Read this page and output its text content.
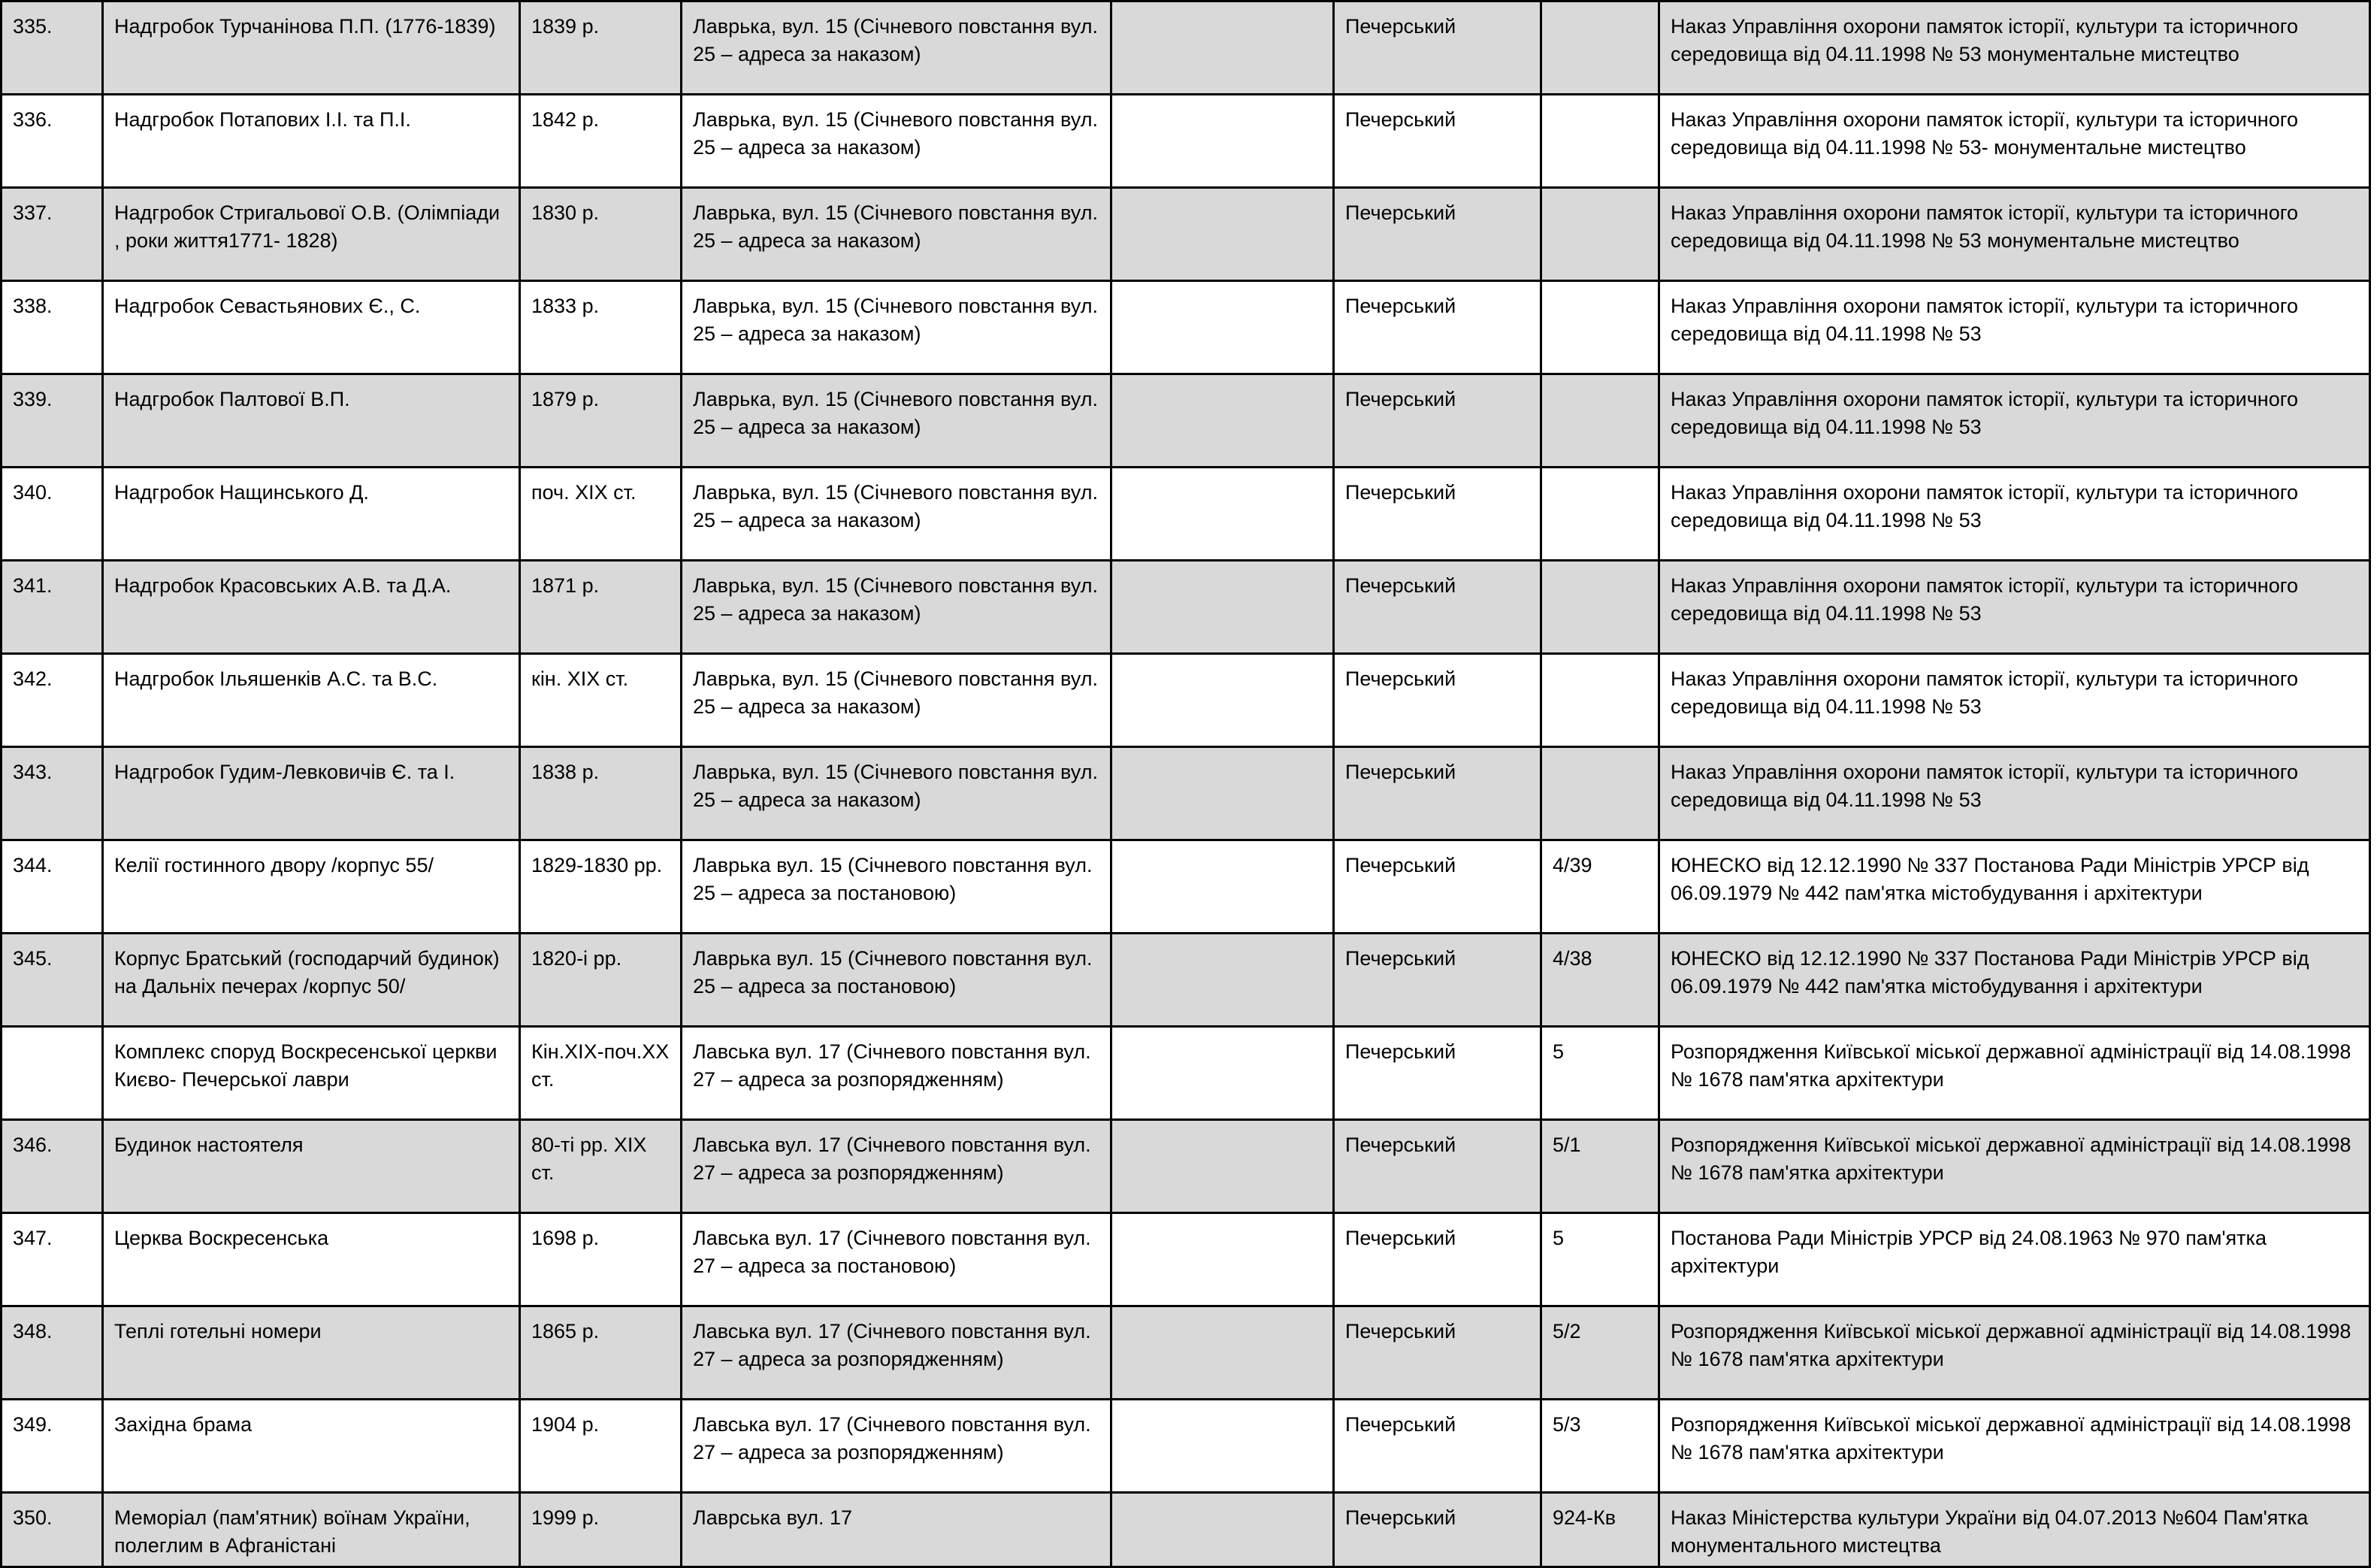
335.	Надгробок Турчанінова П.П. (1776-1839)	1839 р.	Лаврька, вул. 15 (Січневого повстання вул. 25 – адреса за наказом)		Печерський		Наказ Управління охорони памяток історії, культури та історичного середовища від 04.11.1998 № 53 монументальне мистецтво
336.	Надгробок Потапових І.І. та П.І.	1842 р.	Лаврька, вул. 15 (Січневого повстання вул. 25 – адреса за наказом)		Печерський		Наказ Управління охорони памяток історії, культури та історичного середовища від 04.11.1998 № 53- монументальне мистецтво
337.	Надгробок Стригальової О.В. (Олімпіади , роки життя1771- 1828)	1830 р.	Лаврька, вул. 15 (Січневого повстання вул. 25 – адреса за наказом)		Печерський		Наказ Управління охорони памяток історії, культури та історичного середовища від 04.11.1998 № 53 монументальне мистецтво
338.	Надгробок Севастьянових Є., С.	1833 р.	Лаврька, вул. 15 (Січневого повстання вул. 25 – адреса за наказом)		Печерський		Наказ Управління охорони памяток історії, культури та історичного середовища від 04.11.1998 № 53
339.	Надгробок Палтової В.П.	1879 р.	Лаврька, вул. 15 (Січневого повстання вул. 25 – адреса за наказом)		Печерський		Наказ Управління охорони памяток історії, культури та історичного середовища від 04.11.1998 № 53
340.	Надгробок Нащинського Д.	поч. ХІХ ст.	Лаврька, вул. 15 (Січневого повстання вул. 25 – адреса за наказом)		Печерський		Наказ Управління охорони памяток історії, культури та історичного середовища від 04.11.1998 № 53
341.	Надгробок Красовських А.В. та Д.А.	1871 р.	Лаврька, вул. 15 (Січневого повстання вул. 25 – адреса за наказом)		Печерський		Наказ Управління охорони памяток історії, культури та історичного середовища від 04.11.1998 № 53
342.	Надгробок Ільяшенків А.С. та В.С.	кін. ХІХ ст.	Лаврька, вул. 15 (Січневого повстання вул. 25 – адреса за наказом)		Печерський		Наказ Управління охорони памяток історії, культури та історичного середовища від 04.11.1998 № 53
343.	Надгробок Гудим-Левковичів Є. та І.	1838 р.	Лаврька, вул. 15 (Січневого повстання вул. 25 – адреса за наказом)		Печерський		Наказ Управління охорони памяток історії, культури та історичного середовища від 04.11.1998 № 53
344.	Келії гостинного двору /корпус 55/	1829-1830 рр.	Лаврька вул. 15 (Січневого повстання вул. 25 – адреса за постановою)		Печерський	4/39	ЮНЕСКО від 12.12.1990 № 337 Постанова Ради Міністрів УРСР від 06.09.1979 № 442 пам'ятка містобудування і архітектури
345.	Корпус Братський (господарчий будинок) на Дальніх печерах /корпус 50/	1820-і рр.	Лаврька вул. 15 (Січневого повстання вул. 25 – адреса за постановою)		Печерський	4/38	ЮНЕСКО від 12.12.1990 № 337 Постанова Ради Міністрів УРСР від 06.09.1979 № 442 пам'ятка містобудування і архітектури
	Комплекс споруд Воскресенської церкви Києво- Печерської лаври	Кін.ХІХ-поч.ХХ ст.	Лавська вул. 17 (Січневого повстання вул. 27 – адреса за розпорядженням)		Печерський	5	Розпорядження Київської міської державної адміністрації від 14.08.1998 № 1678 пам'ятка архітектури
346.	Будинок настоятеля	80-ті рр. ХІХ ст.	Лавська вул. 17 (Січневого повстання вул. 27 – адреса за розпорядженням)		Печерський	5/1	Розпорядження Київської міської державної адміністрації від 14.08.1998 № 1678 пам'ятка архітектури
347.	Церква Воскресенська	1698 р.	Лавська вул. 17 (Січневого повстання вул. 27 – адреса за постановою)		Печерський	5	Постанова Ради Міністрів УРСР від 24.08.1963 № 970 пам'ятка архітектури
348.	Теплі готельні номери	1865 р.	Лавська вул. 17 (Січневого повстання вул. 27 – адреса за розпорядженням)		Печерський	5/2	Розпорядження Київської міської державної адміністрації від 14.08.1998 № 1678 пам'ятка архітектури
349.	Західна брама	1904 р.	Лавська вул. 17 (Січневого повстання вул. 27 – адреса за розпорядженням)		Печерський	5/3	Розпорядження Київської міської державної адміністрації від 14.08.1998 № 1678 пам'ятка архітектури
350.	Меморіал (пам'ятник) воїнам України, полеглим в Афганістані	1999 р.	Лаврська вул. 17		Печерський	924-Кв	Наказ Міністерства культури України від 04.07.2013 №604 Пам'ятка монументального мистецтва
